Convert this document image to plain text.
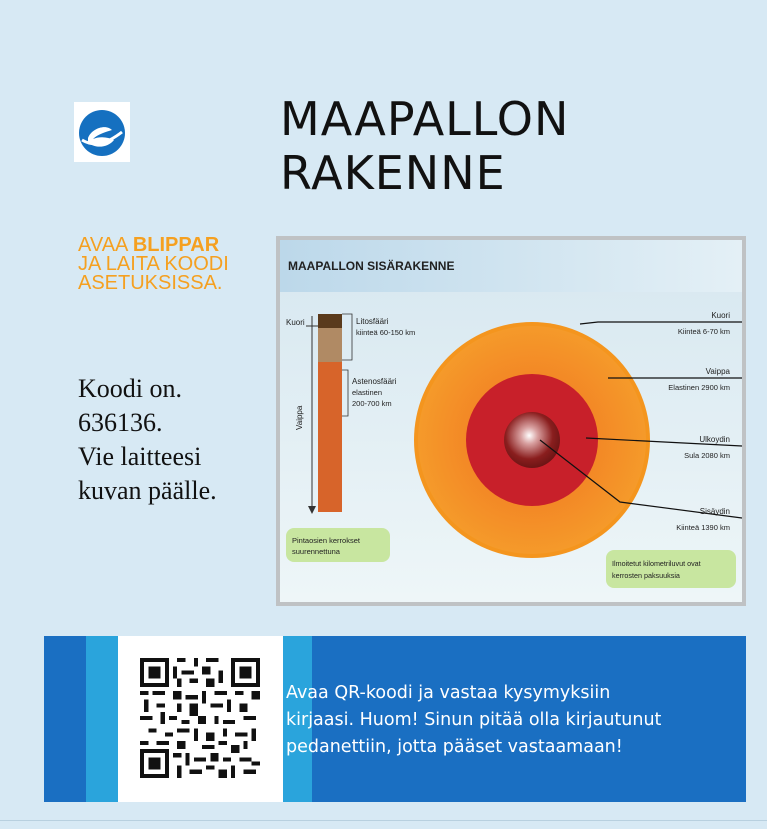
MAAPALLON
RAKENNE
AVAA BLIPPAR
JA LAITA KOODI ASETUKSISSA.
Koodi on.
636136.
Vie laitteesi
kuvan päälle.
MAAPALLON SISÄRAKENNE
Kuori
Vaippa
Litosfääri
kiinteä 60-150 km
Astenosfääri
elastinen
200-700 km
Kuori
Kiinteä 6-70 km
Vaippa
Elastinen 2900 km
Ulkoydin
Sula 2080 km
Sisäydin
Kiinteä 1390 km
Pintaosien kerrokset
suurennettuna
Ilmoitetut kilometriluvut ovat
kerrosten paksuuksia
Avaa QR-koodi ja vastaa kysymyksiin
kirjaasi. Huom! Sinun pitää olla kirjautunut
pedanettiin, jotta pääset vastaamaan!
